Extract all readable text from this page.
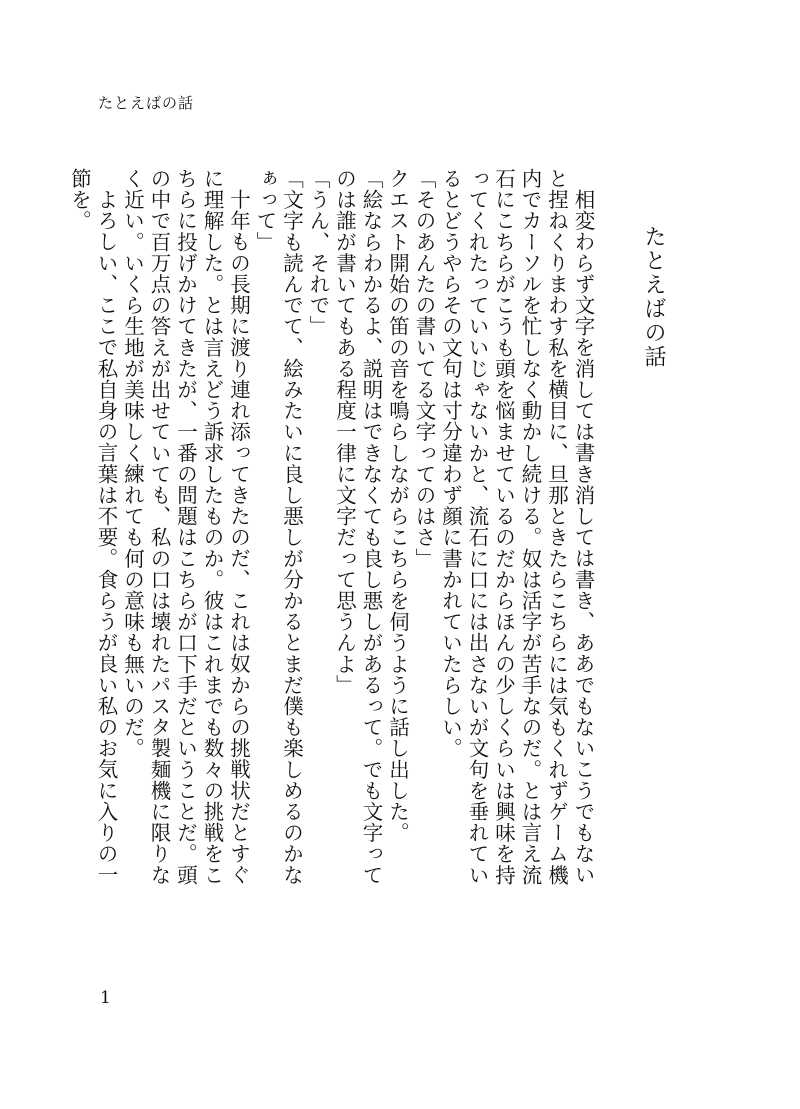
たとえばの話
たとえばの話

相変わらず文字を消しては書き消しては書き、ああでもないこうでもないと捏ねくりまわす私を横目に、旦那ときたらこちらには気もくれずゲーム機内でカーソルを忙しなく動かし続ける。奴は活字が苦手なのだ。とは言え流石にこちらがこうも頭を悩ませているのだからほんの少しくらいは興味を持ってくれたっていいじゃないかと、流石に口には出さないが文句を垂れているとどうやらその文句は寸分違わず顔に書かれていたらしい。

「そのあんたの書いてる文字ってのはさ」

クエスト開始の笛の音を鳴らしながらこちらを伺うように話し出した。

「絵ならわかるよ、説明はできなくても良し悪しがあるって。でも文字ってのは誰が書いてもある程度一律に文字だって思うんよ」

「うん、それで」

「文字も読んでて、絵みたいに良し悪しが分かるとまだ僕も楽しめるのかなぁって」

十年もの長期に渡り連れ添ってきたのだ、これは奴からの挑戦状だとすぐに理解した。とは言えどう訴求したものか。彼はこれまでも数々の挑戦をこちらに投げかけてきたが、一番の問題はこちらが口下手だということだ。頭の中で百万点の答えが出せていても、私の口は壊れたパスタ製麺機に限りなく近い。いくら生地が美味しく練れても何の意味も無いのだ。

よろしい、ここで私自身の言葉は不要。食らうが良い私のお気に入りの一節を。

1
